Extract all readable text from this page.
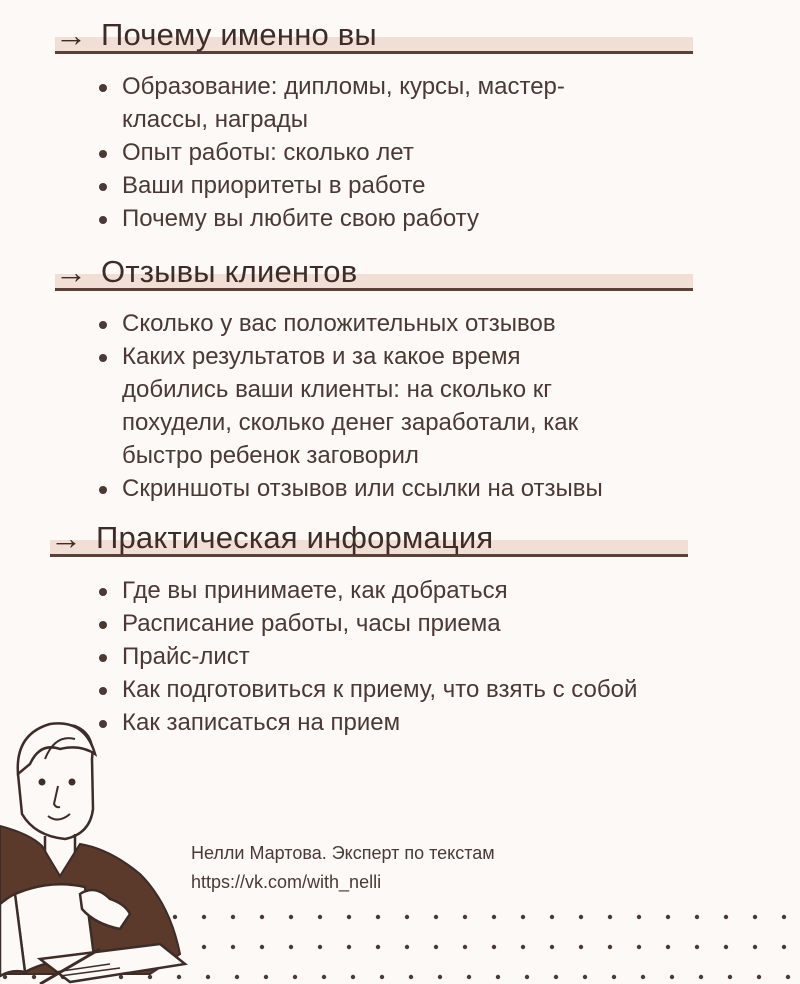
→ Почему именно вы
Образование: дипломы, курсы, мастер-
классы, награды
Опыт работы: сколько лет
Ваши приоритеты в работе
Почему вы любите свою работу
→ Отзывы клиентов
Сколько у вас положительных отзывов
Каких результатов и за какое время
добились ваши клиенты: на сколько кг
похудели, сколько денег заработали, как
быстро ребенок заговорил
Скриншоты отзывов или ссылки на отзывы
→ Практическая информация
Где вы принимаете, как добраться
Расписание работы, часы приема
Прайс-лист
Как подготовиться к приему, что взять с собой
Как записаться на прием
Нелли Мартова. Эксперт по текстам
https://vk.com/with_nelli
